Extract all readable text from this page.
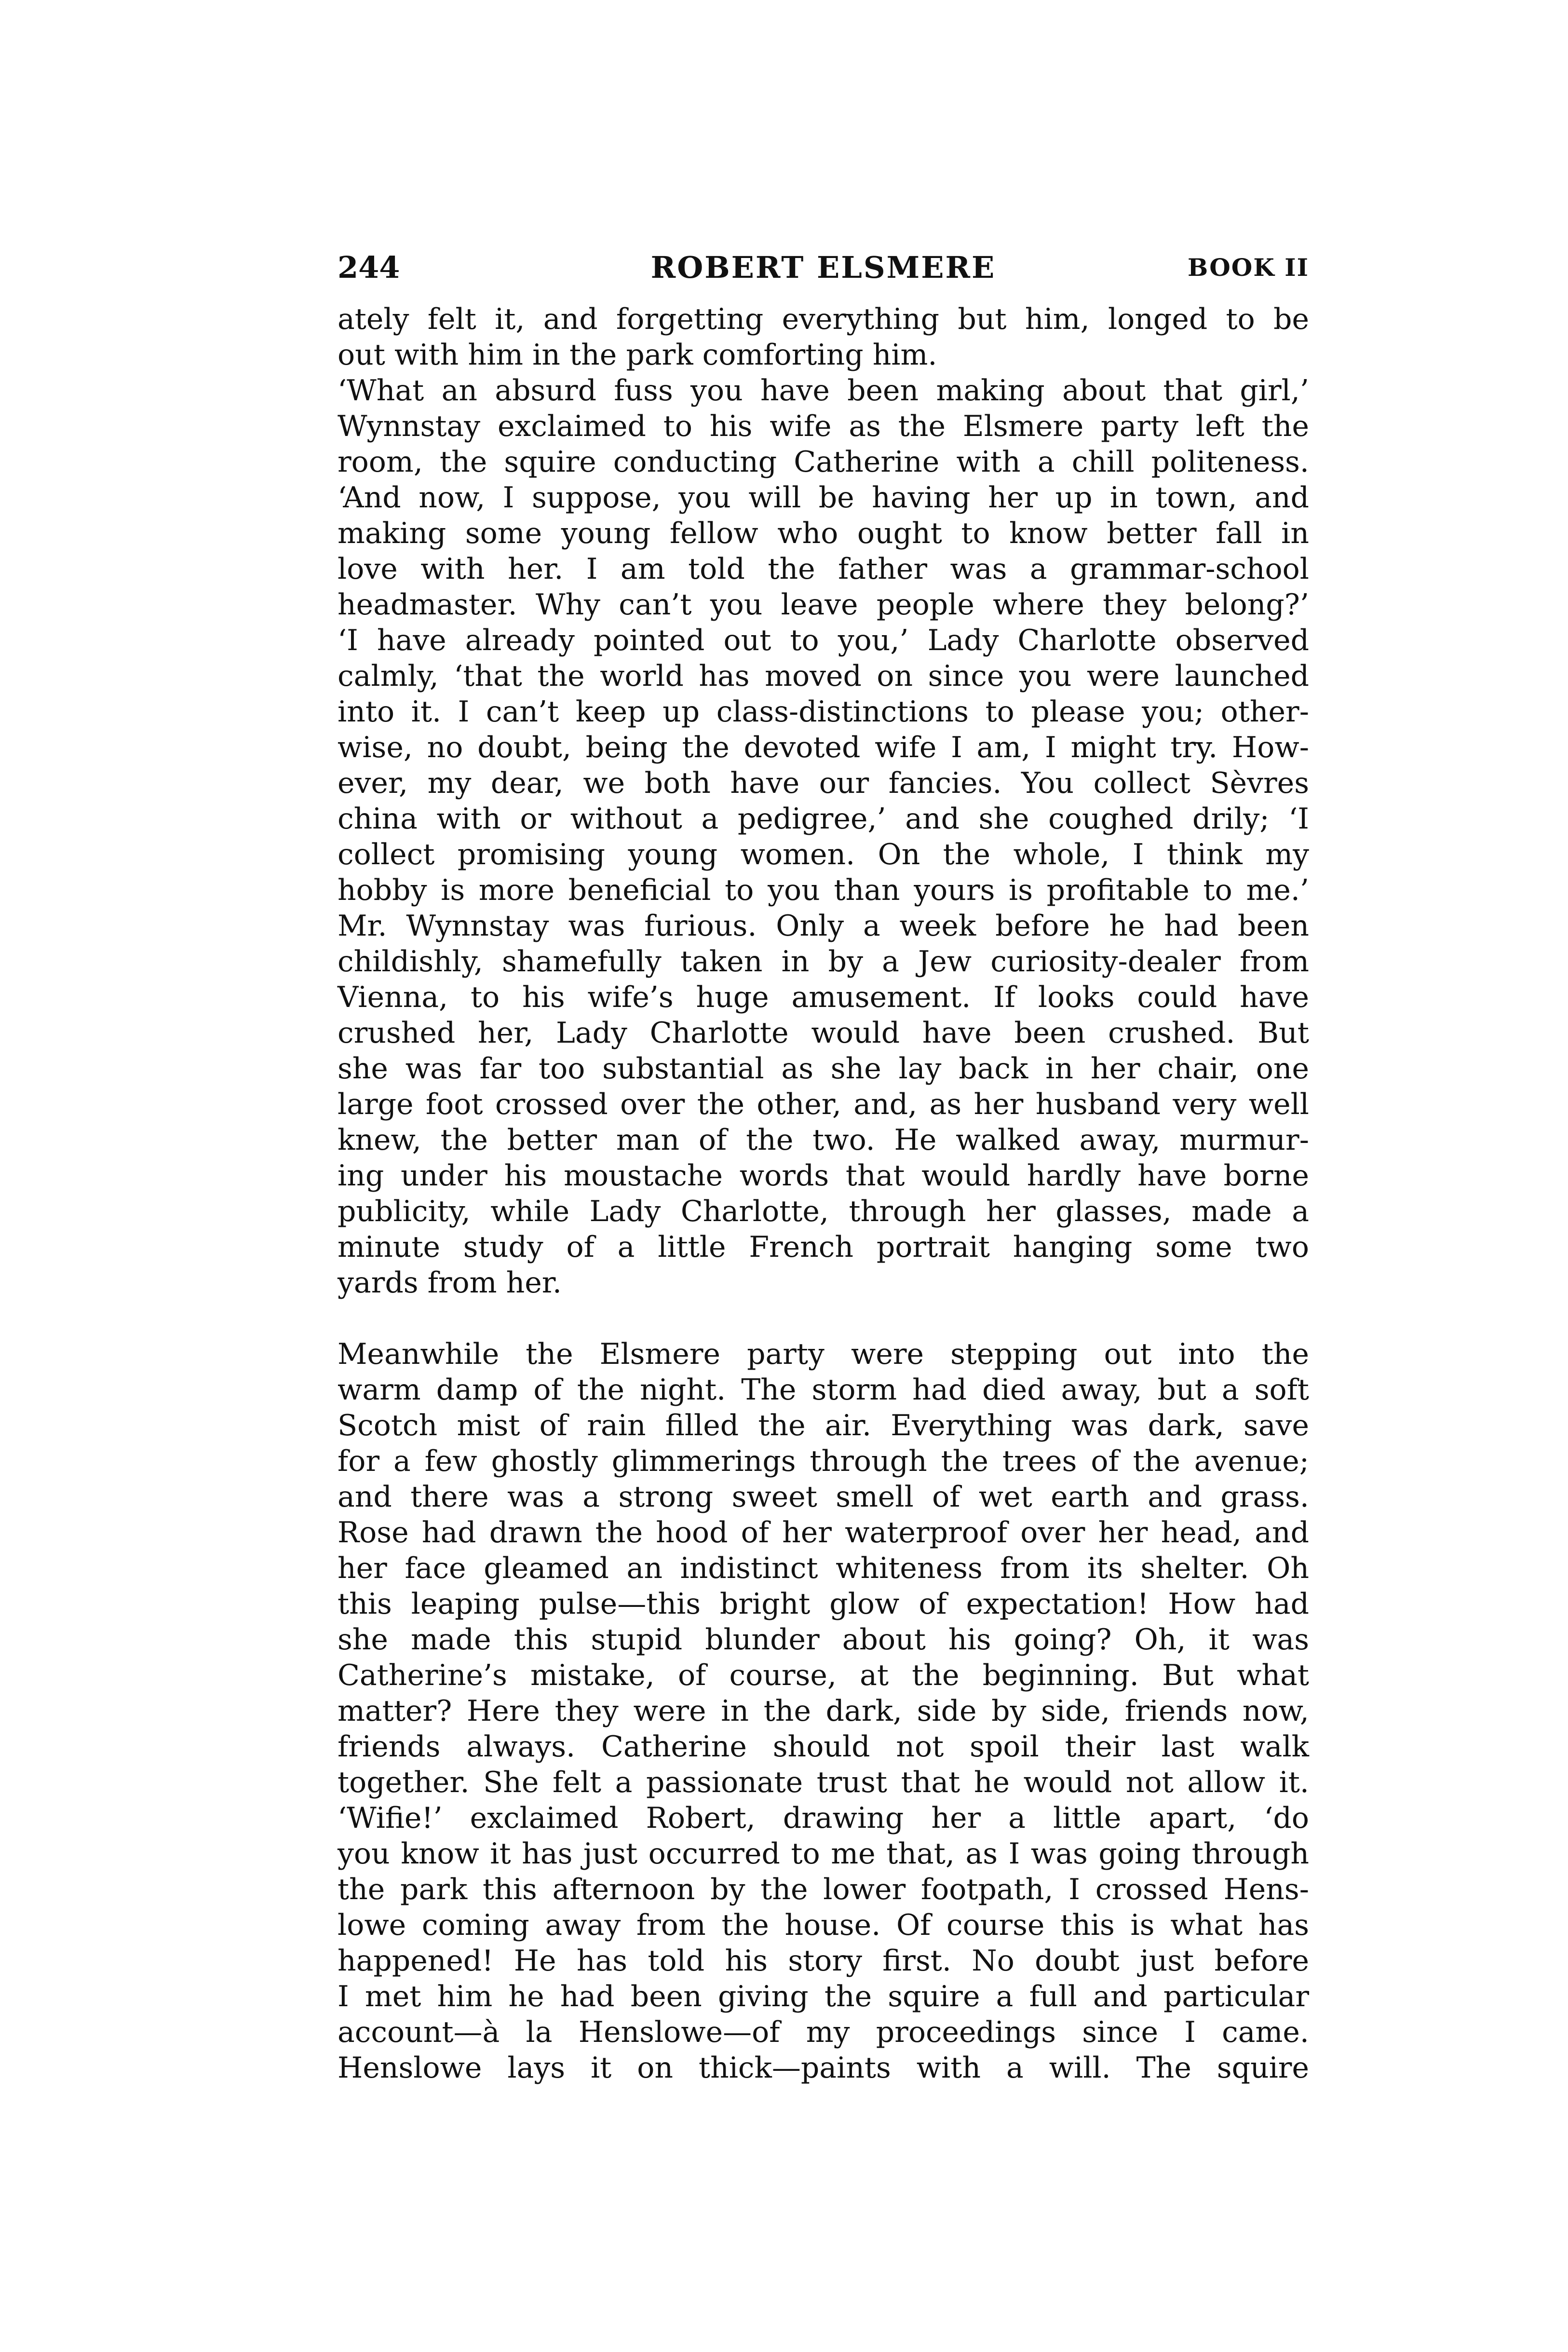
244	ROBERT ELSMERE	BOOK II
ately felt it, and forgetting everything but him, longed to be
out with him in the park comforting him.
‘What an absurd fuss you have been making about that girl,’
Wynnstay exclaimed to his wife as the Elsmere party left the
room, the squire conducting Catherine with a chill politeness.
‘And now, I suppose, you will be having her up in town, and
making some young fellow who ought to know better fall in
love with her. I am told the father was a grammar-school
headmaster. Why can’t you leave people where they belong?’
‘I have already pointed out to you,’ Lady Charlotte observed
calmly, ‘that the world has moved on since you were launched
into it. I can’t keep up class-distinctions to please you; other-
wise, no doubt, being the devoted wife I am, I might try. How-
ever, my dear, we both have our fancies. You collect Sèvres
china with or without a pedigree,’ and she coughed drily; ‘I
collect promising young women. On the whole, I think my
hobby is more beneficial to you than yours is profitable to me.’
Mr. Wynnstay was furious. Only a week before he had been
childishly, shamefully taken in by a Jew curiosity-dealer from
Vienna, to his wife’s huge amusement. If looks could have
crushed her, Lady Charlotte would have been crushed. But
she was far too substantial as she lay back in her chair, one
large foot crossed over the other, and, as her husband very well
knew, the better man of the two. He walked away, murmur-
ing under his moustache words that would hardly have borne
publicity, while Lady Charlotte, through her glasses, made a
minute study of a little French portrait hanging some two
yards from her.
Meanwhile the Elsmere party were stepping out into the
warm damp of the night. The storm had died away, but a soft
Scotch mist of rain filled the air. Everything was dark, save
for a few ghostly glimmerings through the trees of the avenue;
and there was a strong sweet smell of wet earth and grass.
Rose had drawn the hood of her waterproof over her head, and
her face gleamed an indistinct whiteness from its shelter. Oh
this leaping pulse—this bright glow of expectation! How had
she made this stupid blunder about his going? Oh, it was
Catherine’s mistake, of course, at the beginning. But what
matter? Here they were in the dark, side by side, friends now,
friends always. Catherine should not spoil their last walk
together. She felt a passionate trust that he would not allow it.
‘Wifie!’ exclaimed Robert, drawing her a little apart, ‘do
you know it has just occurred to me that, as I was going through
the park this afternoon by the lower footpath, I crossed Hens-
lowe coming away from the house. Of course this is what has
happened! He has told his story first. No doubt just before
I met him he had been giving the squire a full and particular
account—à la Henslowe—of my proceedings since I came.
Henslowe lays it on thick—paints with a will. The squire
